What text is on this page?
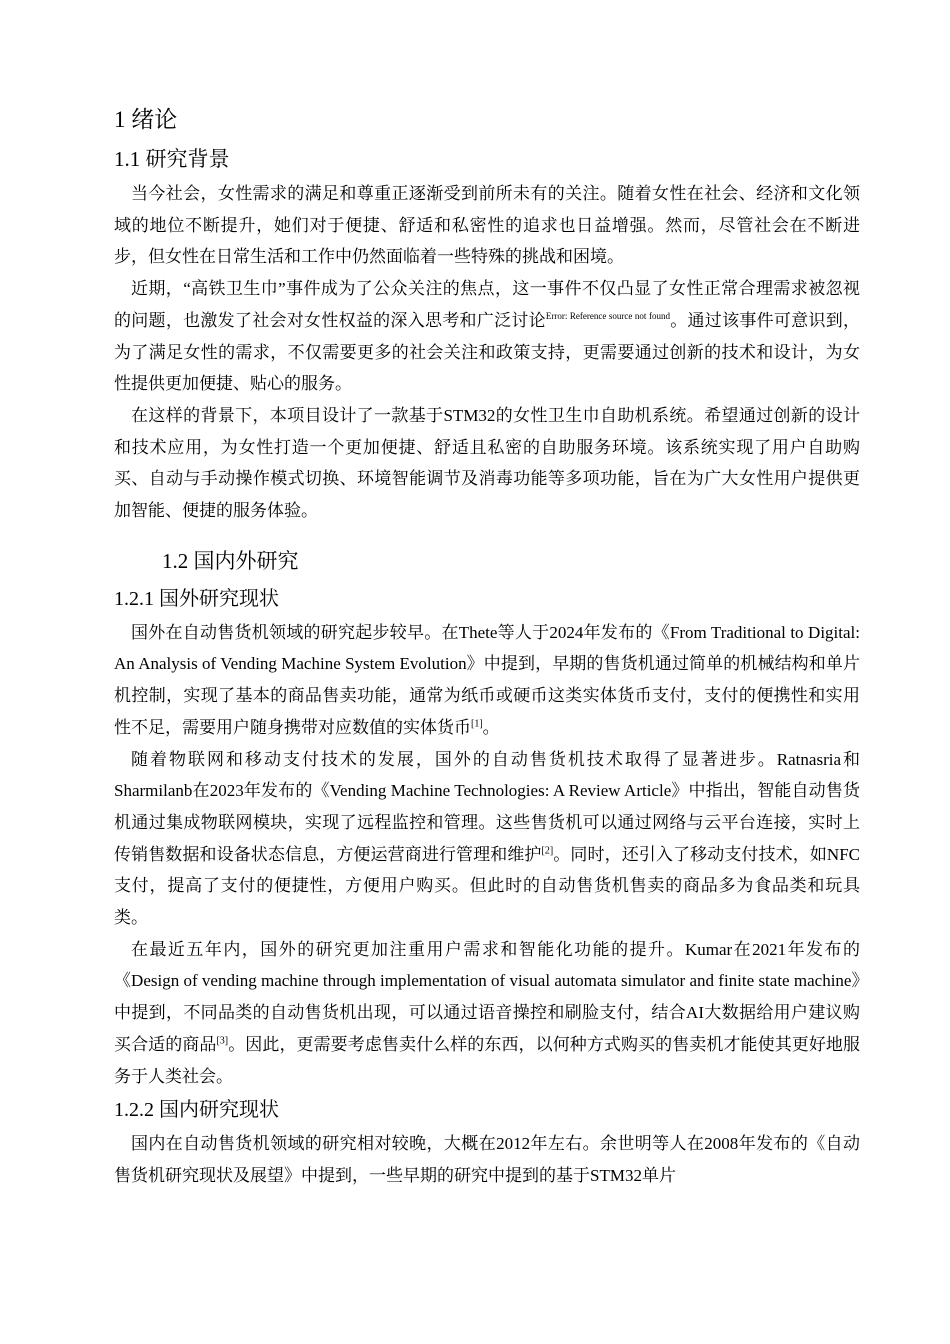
1 绪论
1.1 研究背景

当今社会，女性需求的满足和尊重正逐渐受到前所未有的关注。随着女性在社会、经济和文化领域的地位不断提升，她们对于便捷、舒适和私密性的追求也日益增强。然而，尽管社会在不断进步，但女性在日常生活和工作中仍然面临着一些特殊的挑战和困境。

近期，“高铁卫生巾”事件成为了公众关注的焦点，这一事件不仅凸显了女性正常合理需求被忽视的问题，也激发了社会对女性权益的深入思考和广泛讨论$^{Error: Reference source not found}$。通过该事件可意识到，为了满足女性的需求，不仅需要更多的社会关注和政策支持，更需要通过创新的技术和设计，为女性提供更加便捷、贴心的服务。

在这样的背景下，本项目设计了一款基于STM32的女性卫生巾自助机系统。希望通过创新的设计和技术应用，为女性打造一个更加便捷、舒适且私密的自助服务环境。该系统实现了用户自助购买、自动与手动操作模式切换、环境智能调节及消毒功能等多项功能，旨在为广大女性用户提供更加智能、便捷的服务体验。

1.2 国内外研究
1.2.1 国外研究现状

国外在自动售货机领域的研究起步较早。在Thete等人于2024年发布的《From Traditional to Digital: An Analysis of Vending Machine System Evolution》中提到，早期的售货机通过简单的机械结构和单片机控制，实现了基本的商品售卖功能，通常为纸币或硬币这类实体货币支付，支付的便携性和实用性不足，需要用户随身携带对应数值的实体货币[1]。

随着物联网和移动支付技术的发展，国外的自动售货机技术取得了显著进步。Ratnasria和Sharmilanb在2023年发布的《Vending Machine Technologies: A Review Article》中指出，智能自动售货机通过集成物联网模块，实现了远程监控和管理。这些售货机可以通过网络与云平台连接，实时上传销售数据和设备状态信息，方便运营商进行管理和维护[2]。同时，还引入了移动支付技术，如NFC支付，提高了支付的便捷性，方便用户购买。但此时的自动售货机售卖的商品多为食品类和玩具类。

在最近五年内，国外的研究更加注重用户需求和智能化功能的提升。Kumar在2021年发布的《Design of vending machine through implementation of visual automata simulator and finite state machine》中提到，不同品类的自动售货机出现，可以通过语音操控和刷脸支付，结合AI大数据给用户建议购买合适的商品[3]。因此，更需要考虑售卖什么样的东西，以何种方式购买的售卖机才能使其更好地服务于人类社会。

1.2.2 国内研究现状

国内在自动售货机领域的研究相对较晚，大概在2012年左右。余世明等人在2008年发布的《自动售货机研究现状及展望》中提到，一些早期的研究中提到的基于STM32单片
